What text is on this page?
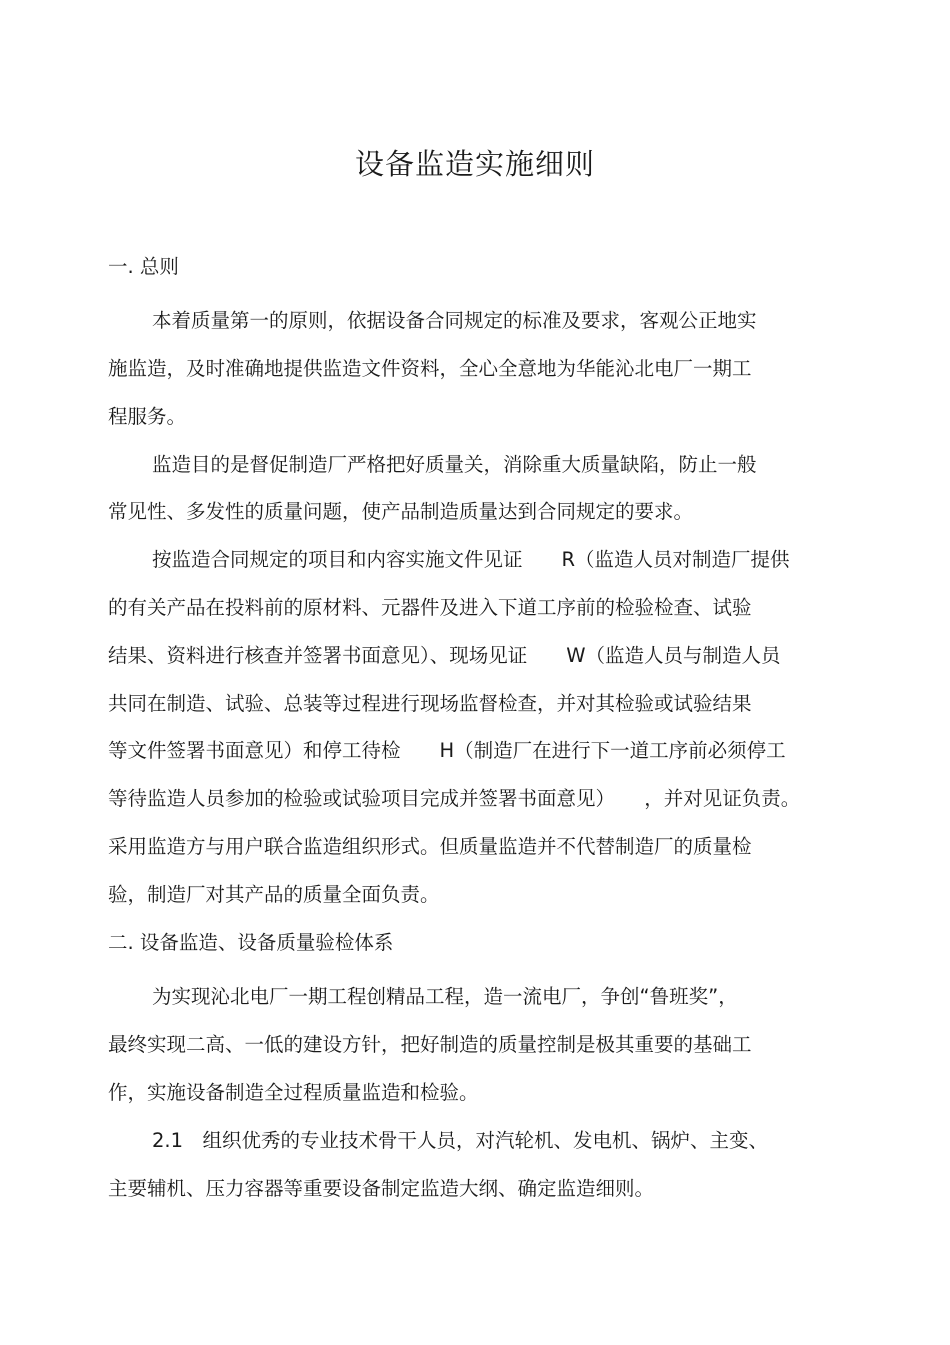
设备监造实施细则
一. 总则
本着质量第一的原则，依据设备合同规定的标准及要求，客观公正地实
施监造，及时准确地提供监造文件资料，全心全意地为华能沁北电厂一期工
程服务。
监造目的是督促制造厂严格把好质量关，消除重大质量缺陷，防止一般
常见性、多发性的质量问题，使产品制造质量达到合同规定的要求。
按监造合同规定的项目和内容实施文件见证　　R（监造人员对制造厂提供
的有关产品在投料前的原材料、元器件及进入下道工序前的检验检查、试验
结果、资料进行核查并签署书面意见）、现场见证　　W（监造人员与制造人员
共同在制造、试验、总装等过程进行现场监督检查，并对其检验或试验结果
等文件签署书面意见）和停工待检　　H（制造厂在进行下一道工序前必须停工
等待监造人员参加的检验或试验项目完成并签署书面意见）　　，并对见证负责。
采用监造方与用户联合监造组织形式。但质量监造并不代替制造厂的质量检
验，制造厂对其产品的质量全面负责。
二. 设备监造、设备质量验检体系
为实现沁北电厂一期工程创精品工程，造一流电厂，争创“鲁班奖”，
最终实现二高、一低的建设方针，把好制造的质量控制是极其重要的基础工
作，实施设备制造全过程质量监造和检验。
2.1　组织优秀的专业技术骨干人员，对汽轮机、发电机、锅炉、主变、
主要辅机、压力容器等重要设备制定监造大纲、确定监造细则。
